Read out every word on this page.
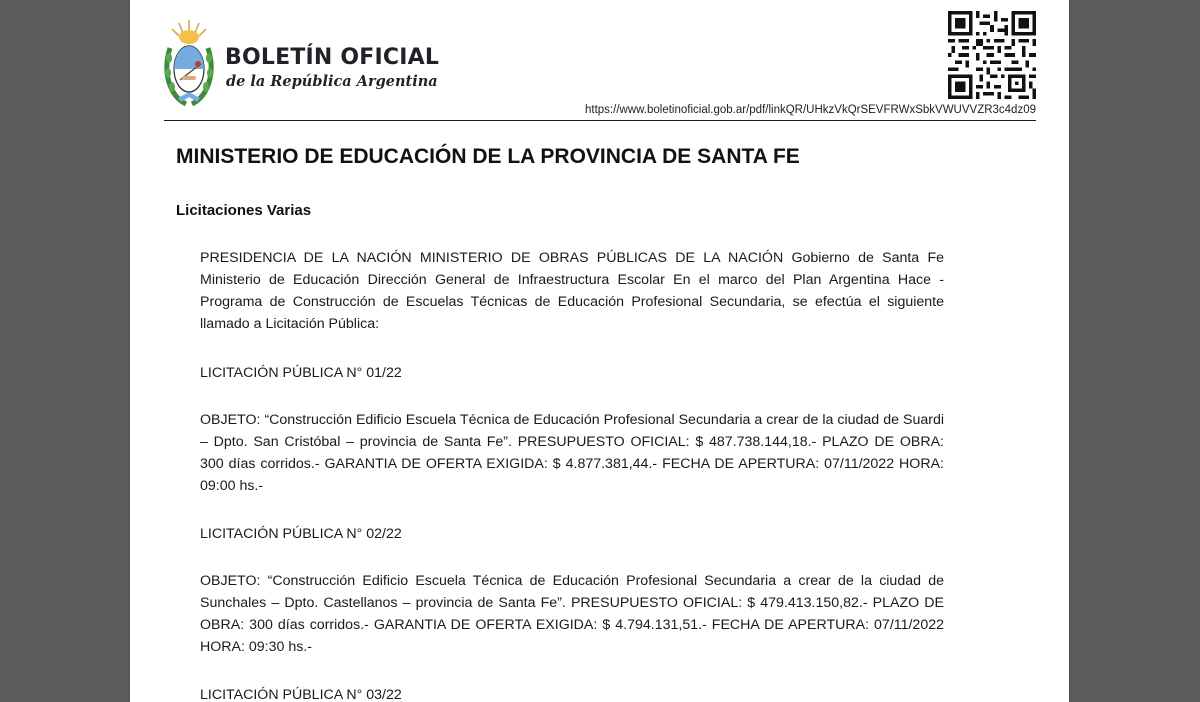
BOLETÍN OFICIAL
de la República Argentina
https://www.boletinoficial.gob.ar/pdf/linkQR/UHkzVkQrSEVFRWxSbkVWUVVZR3c4dz09
MINISTERIO DE EDUCACIÓN DE LA PROVINCIA DE SANTA FE
Licitaciones Varias

PRESIDENCIA DE LA NACIÓN MINISTERIO DE OBRAS PÚBLICAS DE LA NACIÓN Gobierno de Santa Fe Ministerio de Educación Dirección General de Infraestructura Escolar En el marco del Plan Argentina Hace - Programa de Construcción de Escuelas Técnicas de Educación Profesional Secundaria, se efectúa el siguiente llamado a Licitación Pública:

LICITACIÓN PÚBLICA N° 01/22

OBJETO: “Construcción Edificio Escuela Técnica de Educación Profesional Secundaria a crear de la ciudad de Suardi – Dpto. San Cristóbal – provincia de Santa Fe”. PRESUPUESTO OFICIAL: $ 487.738.144,18.- PLAZO DE OBRA: 300 días corridos.- GARANTIA DE OFERTA EXIGIDA: $ 4.877.381,44.- FECHA DE APERTURA: 07/11/2022 HORA: 09:00 hs.-

LICITACIÓN PÚBLICA N° 02/22

OBJETO: “Construcción Edificio Escuela Técnica de Educación Profesional Secundaria a crear de la ciudad de Sunchales – Dpto. Castellanos – provincia de Santa Fe”. PRESUPUESTO OFICIAL: $ 479.413.150,82.- PLAZO DE OBRA: 300 días corridos.- GARANTIA DE OFERTA EXIGIDA: $ 4.794.131,51.- FECHA DE APERTURA: 07/11/2022 HORA: 09:30 hs.-

LICITACIÓN PÚBLICA N° 03/22
